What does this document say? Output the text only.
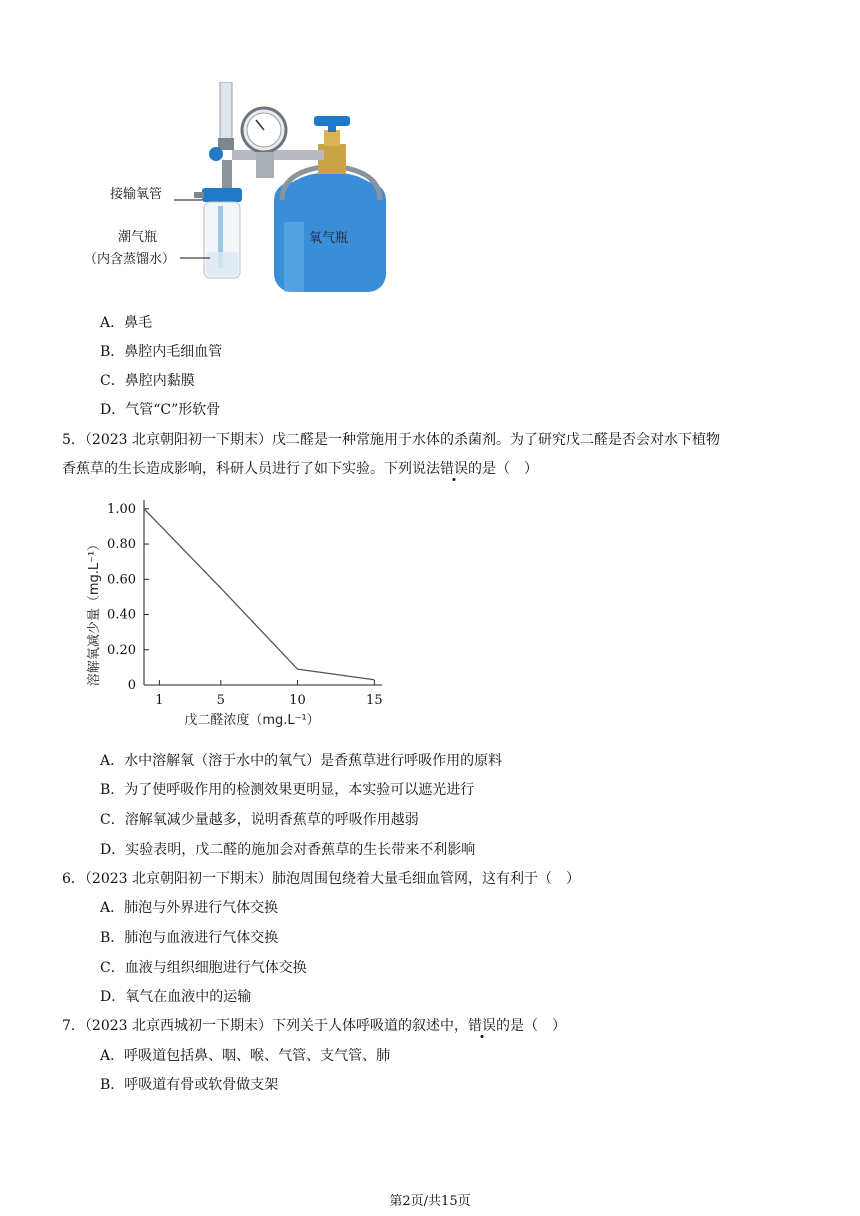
氧气瓶
接输氧管
潮气瓶
（内含蒸馏水）
A．鼻毛
B．鼻腔内毛细血管
C．鼻腔内黏膜
D．气管“C”形软骨
5．（2023 北京朝阳初一下期末）戊二醛是一种常施用于水体的杀菌剂。为了研究戊二醛是否会对水下植物
香蕉草的生长造成影响，科研人员进行了如下实验。下列说法错误的是（　）
0
0.20
0.40
0.60
0.80
1.00
1	5	10	15
溶解氧减少量（mg.L⁻¹）
戊二醛浓度（mg.L⁻¹）
A．水中溶解氧（溶于水中的氧气）是香蕉草进行呼吸作用的原料
B．为了使呼吸作用的检测效果更明显，本实验可以遮光进行
C．溶解氧减少量越多，说明香蕉草的呼吸作用越弱
D．实验表明，戊二醛的施加会对香蕉草的生长带来不利影响
6．（2023 北京朝阳初一下期末）肺泡周围包绕着大量毛细血管网，这有利于（　）
A．肺泡与外界进行气体交换
B．肺泡与血液进行气体交换
C．血液与组织细胞进行气体交换
D．氧气在血液中的运输
7．（2023 北京西城初一下期末）下列关于人体呼吸道的叙述中，错误的是（　）
A．呼吸道包括鼻、咽、喉、气管、支气管、肺
B．呼吸道有骨或软骨做支架
第2页/共15页
